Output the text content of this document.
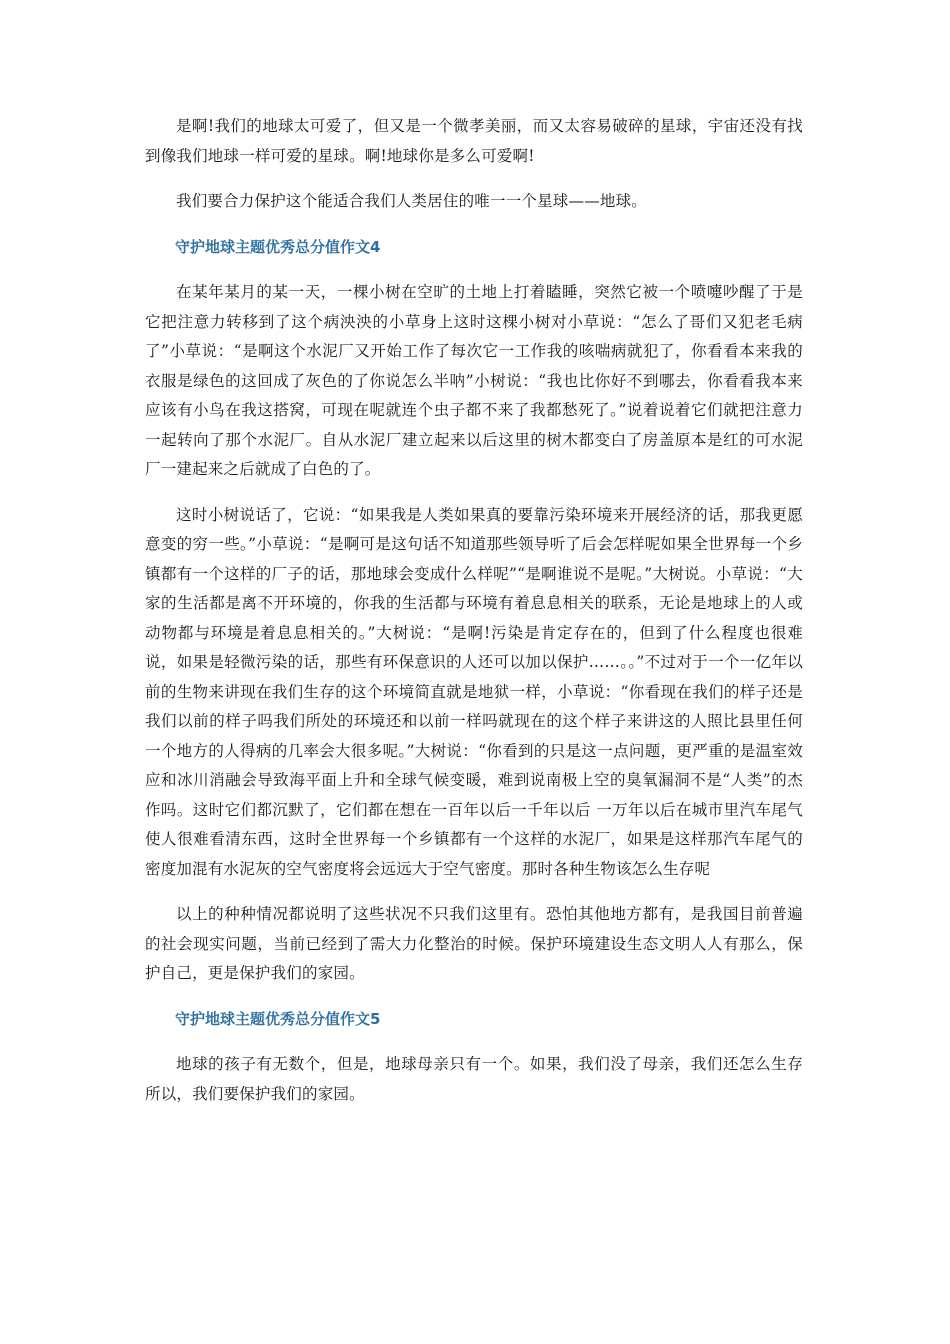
是啊!我们的地球太可爱了，但又是一个微孝美丽，而又太容易破碎的星球，宇宙还没有找到像我们地球一样可爱的星球。啊!地球你是多么可爱啊!

我们要合力保护这个能适合我们人类居住的唯一一个星球——地球。

守护地球主题优秀总分值作文4

在某年某月的某一天，一棵小树在空旷的土地上打着瞌睡，突然它被一个喷嚏吵醒了于是它把注意力转移到了这个病泱泱的小草身上这时这棵小树对小草说：“怎么了哥们又犯老毛病了”小草说：“是啊这个水泥厂又开始工作了每次它一工作我的咳喘病就犯了，你看看本来我的衣服是绿色的这回成了灰色的了你说怎么半呐”小树说：“我也比你好不到哪去，你看看我本来应该有小鸟在我这搭窝，可现在呢就连个虫子都不来了我都愁死了。”说着说着它们就把注意力一起转向了那个水泥厂。自从水泥厂建立起来以后这里的树木都变白了房盖原本是红的可水泥厂一建起来之后就成了白色的了。

这时小树说话了，它说：“如果我是人类如果真的要靠污染环境来开展经济的话，那我更愿意变的穷一些。”小草说：“是啊可是这句话不知道那些领导听了后会怎样呢如果全世界每一个乡镇都有一个这样的厂子的话，那地球会变成什么样呢”“是啊谁说不是呢。”大树说。小草说：“大家的生活都是离不开环境的，你我的生活都与环境有着息息相关的联系，无论是地球上的人或动物都与环境是着息息相关的。”大树说：“是啊!污染是肯定存在的，但到了什么程度也很难说，如果是轻微污染的话，那些有环保意识的人还可以加以保护……。。”不过对于一个一亿年以前的生物来讲现在我们生存的这个环境简直就是地狱一样，小草说：“你看现在我们的样子还是我们以前的样子吗我们所处的环境还和以前一样吗就现在的这个样子来讲这的人照比县里任何一个地方的人得病的几率会大很多呢。”大树说：“你看到的只是这一点问题，更严重的是温室效应和冰川消融会导致海平面上升和全球气候变暖，难到说南极上空的臭氧漏洞不是“人类”的杰作吗。这时它们都沉默了，它们都在想在一百年以后一千年以后 一万年以后在城市里汽车尾气使人很难看清东西，这时全世界每一个乡镇都有一个这样的水泥厂，如果是这样那汽车尾气的密度加混有水泥灰的空气密度将会远远大于空气密度。那时各种生物该怎么生存呢

以上的种种情况都说明了这些状况不只我们这里有。恐怕其他地方都有，是我国目前普遍的社会现实问题，当前已经到了需大力化整治的时候。保护环境建设生态文明人人有那么，保护自己，更是保护我们的家园。

守护地球主题优秀总分值作文5

地球的孩子有无数个，但是，地球母亲只有一个。如果，我们没了母亲，我们还怎么生存所以，我们要保护我们的家园。
